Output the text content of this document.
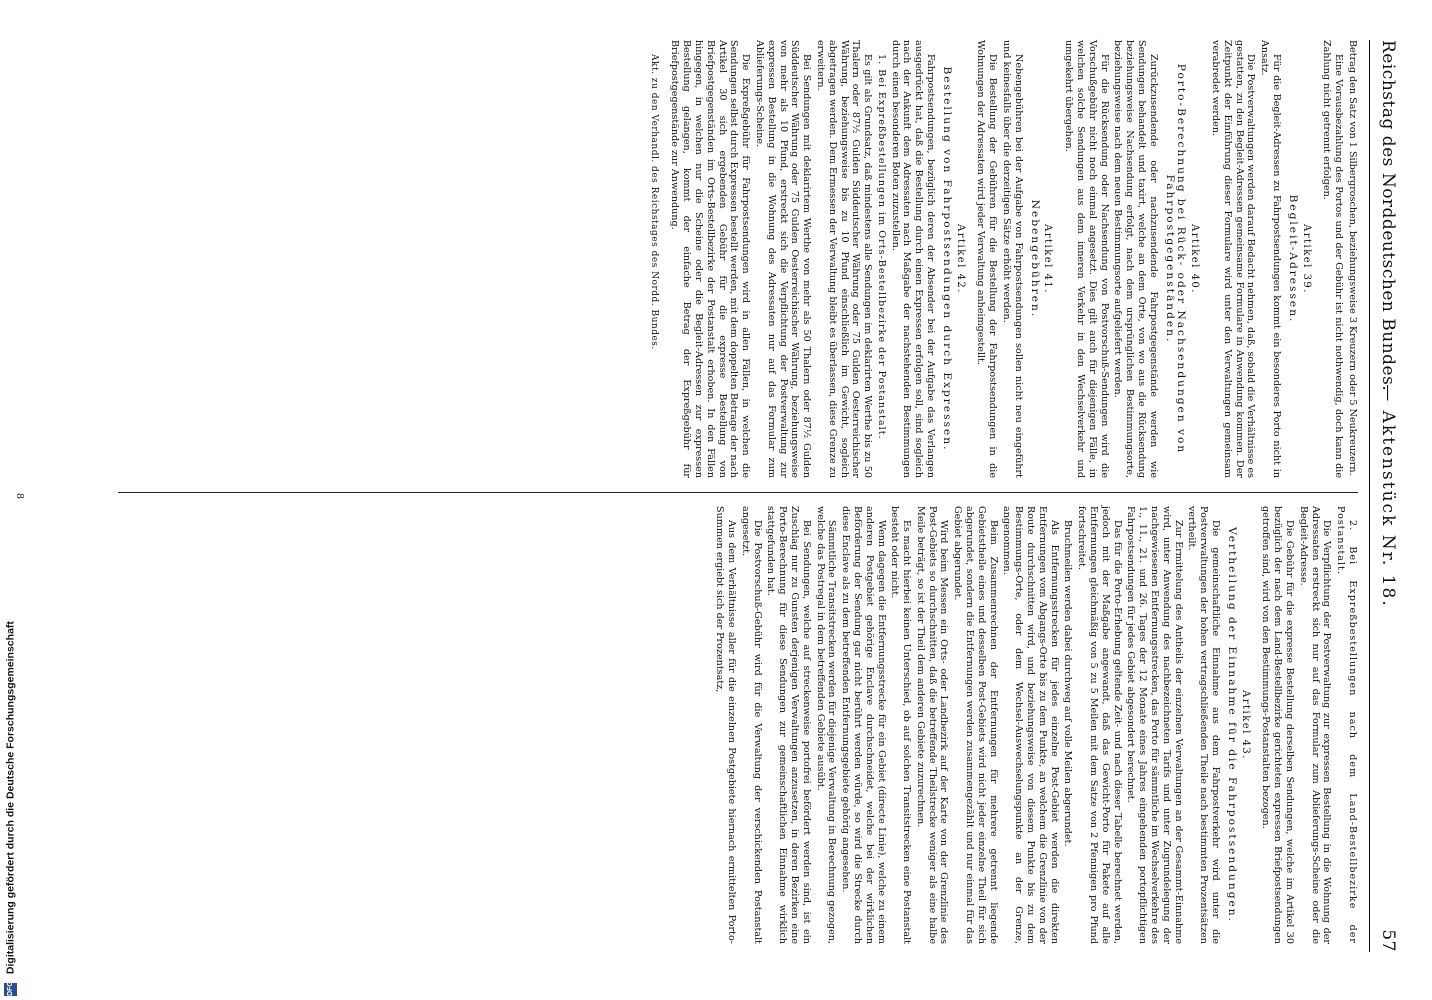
Reichstag des Norddeutschen Bundes.
— Aktenstück Nr. 18.
57
Betrag den Satz von 1 Silbergroschen, beziehungsweise 3 Kreuzern oder 5 Neukreuzern.
Eine Vorausbezahlung des Portos und der Gebühr ist nicht nothwendig, doch kann die Zahlung nicht getrennt erfolgen.
Artikel 39.
Begleit-Adressen.
Für die Begleit-Adressen zu Fahrpostsendungen kommt ein besonderes Porto nicht in Ansatz.
Die Postverwaltungen werden darauf Bedacht nehmen, daß, sobald die Verhältnisse es gestatten, zu den Begleit-Adressen gemeinsame Formulare in Anwendung kommen. Der Zeitpunkt der Einführung dieser Formulare wird unter den Verwaltungen gemeinsam verabredet werden.
Artikel 40.
Porto-Berechnung bei Rück- oder Nachsendungen von Fahrpostgegenständen.
Zurückzusendende oder nachzusendende Fahrpostgegenstände werden wie Sendungen behandelt und taxirt, welche an dem Orte, von wo aus die Rücksendung beziehungsweise Nachsendung erfolgt, nach dem ursprünglichen Bestimmungsorte, beziehungsweise nach dem neuen Bestimmungsorte aufgeliefert werden.
Für die Rücksendung oder Nachsendung von Postvorschuß-Sendungen wird die Vorschußgebühr nicht noch einmal angesetzt. Dies gilt auch für diejenigen Fälle, in welchen solche Sendungen aus dem inneren Verkehr in den Wechselverkehr und umgekehrt übergehen.
Artikel 41.
Nebengebühren.
Nebengebühren bei der Aufgabe von Fahrpostsendungen sollen nicht neu eingeführt und keinesfalls über die derzeitigen Sätze erhöht werden.
Die Bestellung der Gebühren für die Bestellung der Fahrpostsendungen in die Wohnungen der Adressaten wird jeder Verwaltung anheimgestellt.
Artikel 42.
Bestellung von Fahrpostsendungen durch Expressen.
Fahrpostsendungen, bezüglich deren der Absender bei der Aufgabe das Verlangen ausgedrückt hat, daß die Bestellung durch einen Expressen erfolgen soll, sind sogleich nach der Ankunft dem Adressaten nach Maßgabe der nachstehenden Bestimmungen durch einen besonderen Boten zuzustellen.
1. Bei Expreßbestellungen im Orts-Bestellbezirke der Postanstalt.
Es gilt als Grundsatz, daß mindestens alle Sendungen im deklarirten Werthe bis zu 50 Thalern oder 87½ Gulden Süddeutscher Währung oder 75 Gulden Oesterreichischer Währung, beziehungsweise bis zu 10 Pfund einschließlich im Gewicht, sogleich abgetragen werden. Dem Ermessen der Verwaltung bleibt es überlassen, diese Grenze zu erweitern.
Bei Sendungen mit deklarirtem Werthe von mehr als 50 Thalern oder 87½ Gulden Süddeutscher Währung oder 75 Gulden Oesterreichischer Währung, beziehungsweise von mehr als 10 Pfund, erstreckt sich die Verpflichtung der Postverwaltung zur expressen Bestellung in die Wohnung des Adressaten nur auf das Formular zum Ablieferungs-Scheine.
Die Expreßgebühr für Fahrpostsendungen wird in allen Fällen, in welchen die Sendungen selbst durch Expressen bestellt werden, mit dem doppelten Betrage der nach Artikel 30 sich ergebenden Gebühr für die expresse Bestellung von Briefpostgegenständen im Orts-Bestellbezirke der Postanstalt erhoben. In den Fällen hingegen, in welchen nur die Scheine oder die Begleit-Adressen zur expressen Bestellung gelangen, kommt der einfache Betrag der Expreßgebühr für Briefpostgegenstände zur Anwendung.
Akt. zu den Verhandl. des Reichstages des Nordd. Bundes.
2. Bei Expreßbestellungen nach dem Land-Bestellbezirke der Postanstalt.
Die Verpflichtung der Postverwaltung zur expressen Bestellung in die Wohnung der Adressaten erstreckt sich nur auf das Formular zum Ablieferungs-Scheine oder die Begleit-Adresse.
Die Gebühr für die expresse Bestellung derselben Sendungen, welche im Artikel 30 bezüglich der nach dem Land-Bestellbezirke gerichteten expressen Briefpostsendungen getroffen sind, wird von den Bestimmungs-Postanstalten bezogen.
Artikel 43.
Vertheilung der Einnahme für die Fahrpostsendungen.
Die gemeinschaftliche Einnahme aus dem Fahrpostverkehr wird unter die Postverwaltungen der hohen vertragschließenden Theile nach bestimmten Prozentsätzen vertheilt.
Zur Ermittelung des Antheils der einzelnen Verwaltungen an der Gesammt-Einnahme wird, unter Anwendung des nachbezeichneten Tarifs und unter Zugrundelegung der nachgewiesenen Entfernungsstrecken, das Porto für sämmtliche im Wechselverkehre des 1., 11., 21. und 26. Tages der 12 Monate eines Jahres eingehenden portopflichtigen Fahrpostsendungen für jedes Gebiet abgesondert berechnet.
Das für die Porto-Erhebung geltende Zeit- und nach dieser Tabelle berechnet werden, jedoch mit der Maßgabe angewandt, daß das Gewicht-Porto für Pakete auf alle Entfernungen gleichmäßig von 5 zu 5 Meilen mit dem Satze von 2 Pfennigen pro Pfund fortschreitet.
Bruchmeilen werden dabei durchweg auf volle Meilen abgerundet.
Als Entfernungsstrecken für jedes einzelne Post-Gebiet werden die direkten Entfernungen vom Abgangs-Orte bis zu dem Punkte, an welchem die Grenzlinie von der Route durchschnitten wird, und beziehungsweise von diesem Punkte bis zu dem Bestimmungs-Orte, oder dem Wechsel-Auswechselungspunkte an der Grenze, angenommen.
Beim Zusammenrechnen der Entfernungen für mehrere getrennt liegende Gebietstheile eines und desselben Post-Gebiets wird nicht jeder einzelne Theil für sich abgerundet, sondern die Entfernungen werden zusammengezählt und nur einmal für das Gebiet abgerundet.
Wird beim Messen ein Orts- oder Landbezirk auf der Karte von der Grenzlinie des Post-Gebiets so durchschnitten, daß die betreffende Theilstrecke weniger als eine halbe Meile beträgt, so ist der Theil dem anderen Gebiete zuzurechnen.
Es macht hierbei keinen Unterschied, ob auf solchen Transitstrecken eine Postanstalt besteht oder nicht.
Wenn dagegen die Entfernungsstrecke für ein Gebiet (directe Linie), welche zu einem anderen Postgebiet gehörige Enclave durchschneidet, welche bei der wirklichen Beförderung der Sendung gar nicht berührt werden würde, so wird die Strecke durch diese Enclave als zu dem betreffenden Entfernungsgebiete gehörig angesehen.
Sämmtliche Transitstrecken werden für diejenige Verwaltung in Berechnung gezogen, welche das Postregal in dem betreffenden Gebiete ausübt.
Bei Sendungen, welche auf streckenweise portofrei befördert werden sind, ist ein Zuschlag nur zu Gunsten derjenigen Verwaltungen anzusetzen, in deren Bezirken eine Porto-Berechnung für diese Sendungen zur gemeinschaftlichen Einnahme wirklich stattgefunden hat.
Die Postvorschuß-Gebühr wird für die Verwaltung der verschickenden Postanstalt angesetzt.
Aus dem Verhältnisse aller für die einzelnen Postgebiete hiernach ermittelten Porto-Summen ergiebt sich der Prozentsatz,
8
DFG Digitalisierung gefördert durch die Deutsche Forschungsgemeinschaft
